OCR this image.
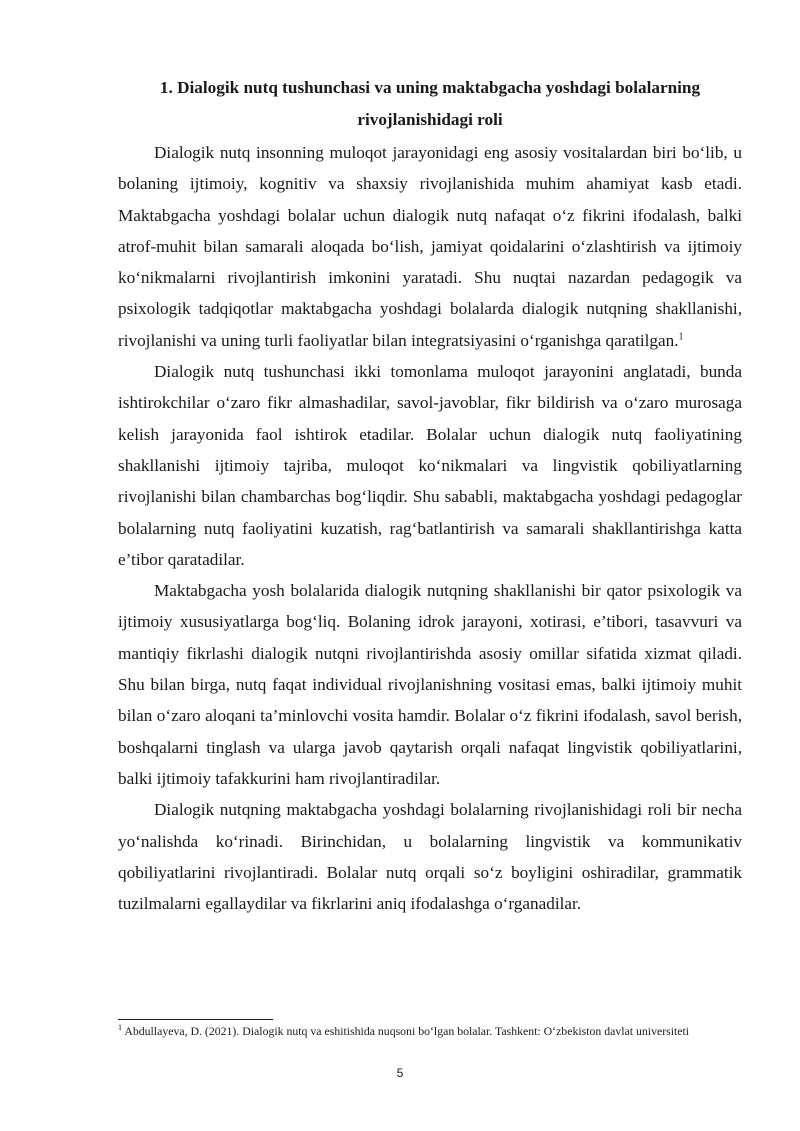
1. Dialogik nutq tushunchasi va uning maktabgacha yoshdagi bolalarning rivojlanishidagi roli

Dialogik nutq insonning muloqot jarayonidagi eng asosiy vositalardan biri bo‘lib, u bolaning ijtimoiy, kognitiv va shaxsiy rivojlanishida muhim ahamiyat kasb etadi. Maktabgacha yoshdagi bolalar uchun dialogik nutq nafaqat o‘z fikrini ifodalash, balki atrof-muhit bilan samarali aloqada bo‘lish, jamiyat qoidalarini o‘zlashtirish va ijtimoiy ko‘nikmalarni rivojlantirish imkonini yaratadi. Shu nuqtai nazardan pedagogik va psixologik tadqiqotlar maktabgacha yoshdagi bolalarda dialogik nutqning shakllanishi, rivojlanishi va uning turli faoliyatlar bilan integratsiyasini o‘rganishga qaratilgan.$^1$

Dialogik nutq tushunchasi ikki tomonlama muloqot jarayonini anglatadi, bunda ishtirokchilar o‘zaro fikr almashadilar, savol-javoblar, fikr bildirish va o‘zaro murosaga kelish jarayonida faol ishtirok etadilar. Bolalar uchun dialogik nutq faoliyatining shakllanishi ijtimoiy tajriba, muloqot ko‘nikmalari va lingvistik qobiliyatlarning rivojlanishi bilan chambarchas bog‘liqdir. Shu sababli, maktabgacha yoshdagi pedagoglar bolalarning nutq faoliyatini kuzatish, rag‘batlantirish va samarali shakllantirishga katta e’tibor qaratadilar.

Maktabgacha yosh bolalarida dialogik nutqning shakllanishi bir qator psixologik va ijtimoiy xususiyatlarga bog‘liq. Bolaning idrok jarayoni, xotirasi, e’tibori, tasavvuri va mantiqiy fikrlashi dialogik nutqni rivojlantirishda asosiy omillar sifatida xizmat qiladi. Shu bilan birga, nutq faqat individual rivojlanishning vositasi emas, balki ijtimoiy muhit bilan o‘zaro aloqani ta’minlovchi vosita hamdir. Bolalar o‘z fikrini ifodalash, savol berish, boshqalarni tinglash va ularga javob qaytarish orqali nafaqat lingvistik qobiliyatlarini, balki ijtimoiy tafakkurini ham rivojlantiradilar.

Dialogik nutqning maktabgacha yoshdagi bolalarning rivojlanishidagi roli bir necha yo‘nalishda ko‘rinadi. Birinchidan, u bolalarning lingvistik va kommunikativ qobiliyatlarini rivojlantiradi. Bolalar nutq orqali so‘z boyligini oshiradilar, grammatik tuzilmalarni egallaydilar va fikrlarini aniq ifodalashga o‘rganadilar.

$^1$ Abdullayeva, D. (2021). Dialogik nutq va eshitishida nuqsoni bo‘lgan bolalar. Tashkent: O‘zbekiston davlat universiteti

5
